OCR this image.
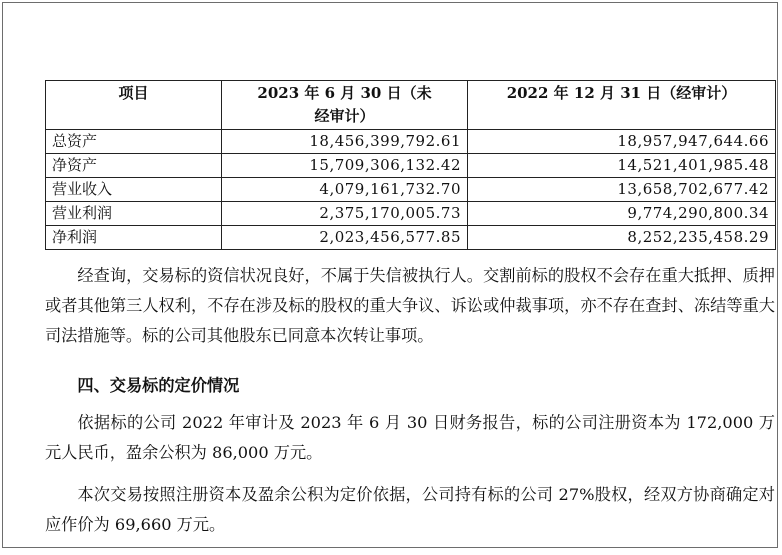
项目	2023 年 6 月 30 日（未经审计）	2022 年 12 月 31 日（经审计）
总资产	18,456,399,792.61	18,957,947,644.66
净资产	15,709,306,132.42	14,521,401,985.48
营业收入	4,079,161,732.70	13,658,702,677.42
营业利润	2,375,170,005.73	9,774,290,800.34
净利润	2,023,456,577.85	8,252,235,458.29

经查询，交易标的资信状况良好，不属于失信被执行人。交割前标的股权不会存在重大抵押、质押或者其他第三人权利，不存在涉及标的股权的重大争议、诉讼或仲裁事项，亦不存在查封、冻结等重大司法措施等。标的公司其他股东已同意本次转让事项。

四、交易标的定价情况

依据标的公司 2022 年审计及 2023 年 6 月 30 日财务报告，标的公司注册资本为 172,000 万元人民币，盈余公积为 86,000 万元。

本次交易按照注册资本及盈余公积为定价依据，公司持有标的公司 27%股权，经双方协商确定对应作价为 69,660 万元。
